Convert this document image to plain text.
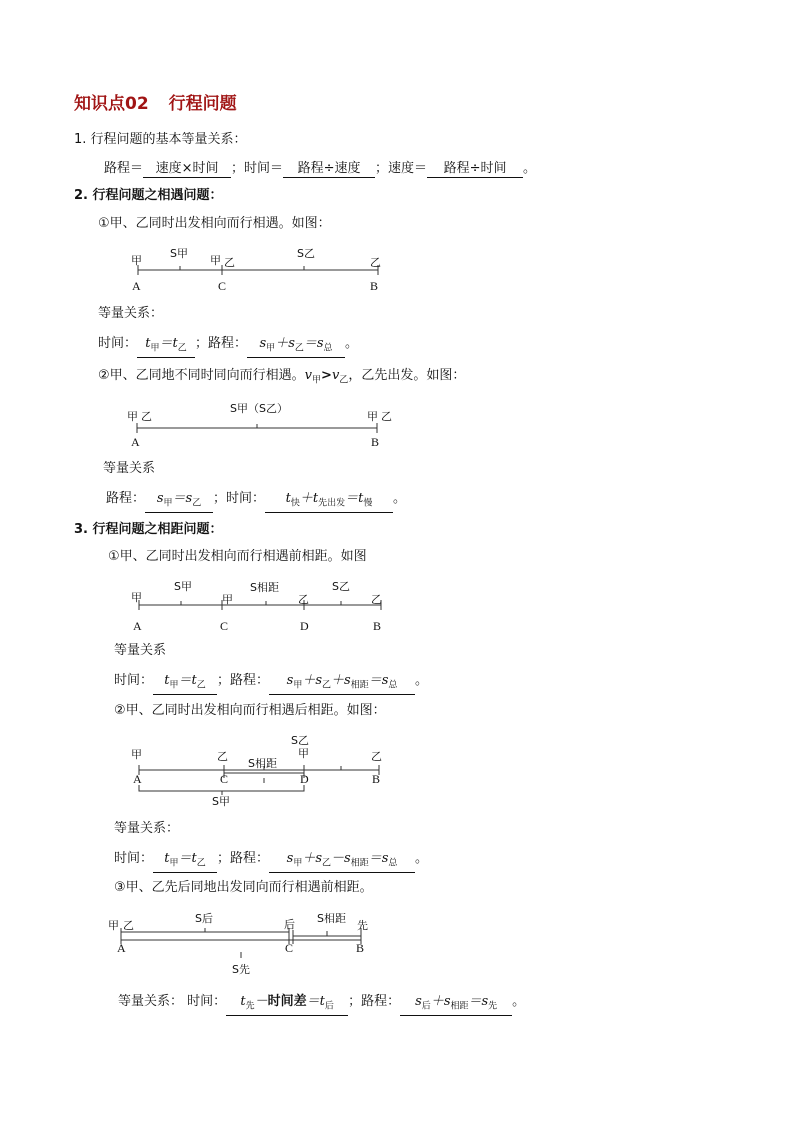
知识点02 行程问题
1. 行程问题的基本等量关系：
路程＝ 速度×时间 ；时间＝ 路程÷速度 ；速度＝ 路程÷时间 。
2. 行程问题之相遇问题：
①甲、乙同时出发相向而行相遇。如图：
甲	甲 乙	乙
S甲	S乙
A	C	B
等量关系：
时间： $t_甲=t_乙$ ；路程： $s_甲+s_乙=s_总$ 。
②甲、乙同地不同时同向而行相遇。$v_甲>v_乙$，乙先出发。如图：
甲 乙	甲 乙
S甲（S乙）
A	B
等量关系
路程： $s_甲=s_乙$ ；时间： $t_快+t_{先出发}=t_慢$ 。
3. 行程问题之相距问题：
①甲、乙同时出发相向而行相遇前相距。如图
甲	甲	乙	乙
S甲	S相距	S乙
A	C	D	B
等量关系
时间： $t_甲=t_乙$ ；路程： $s_甲+s_乙+s_{相距}=s_总$ 。
②甲、乙同时出发相向而行相遇后相距。如图：
甲	乙	甲	乙
S乙
S相距
S甲
A	C	D	B
等量关系：
时间： $t_甲=t_乙$ ；路程： $s_甲+s_乙-s_{相距}=s_总$ 。
③甲、乙先后同地出发同向而行相遇前相距。
甲 乙	后	先
S后	S相距
S先
A	C	B
等量关系： 时间： $t_先-$时间差$=t_后$ ；路程： $s_后+s_{相距}=s_先$ 。
